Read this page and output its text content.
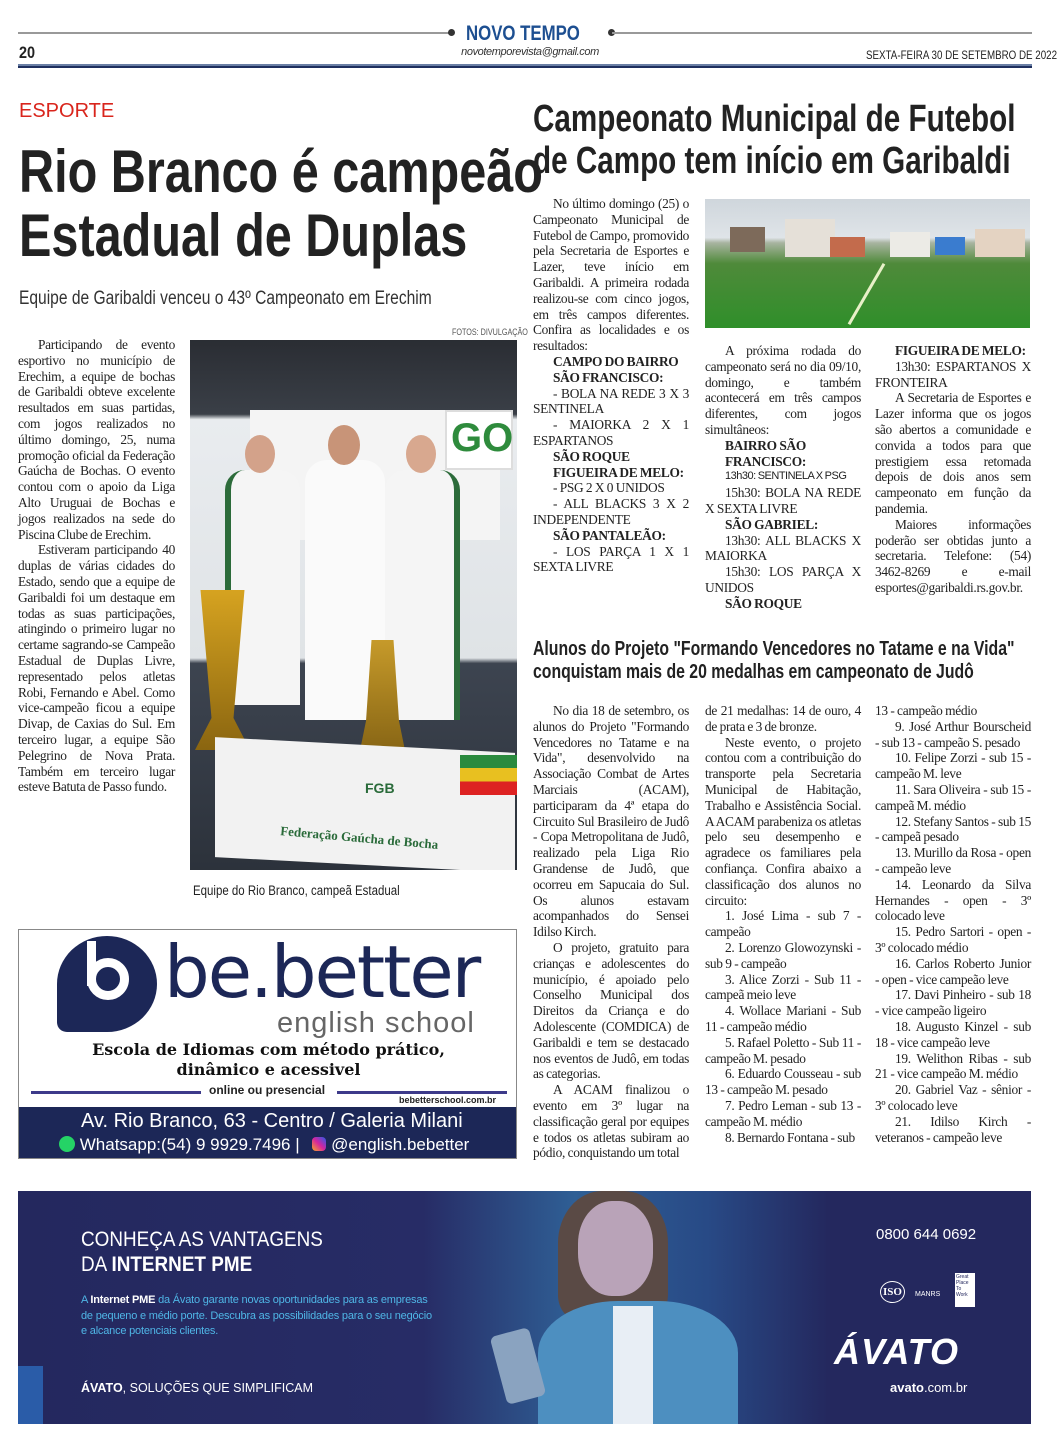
NOVO TEMPO
novotemporevista@gmail.com
20	SEXTA-FEIRA 30 DE SETEMBRO DE 2022
ESPORTE
Rio Branco é campeão
Estadual de Duplas
Equipe de Garibaldi venceu o 43º Campeonato em Erechim

Participando de evento esportivo no município de Erechim, a equipe de bochas de Garibaldi obteve excelente resultados em suas partidas, com jogos realizados no último domingo, 25, numa promoção oficial da Federação Gaúcha de Bochas. O evento contou com o apoio da Liga Alto Uruguai de Bochas e jogos realizados na sede do Piscina Clube de Erechim.

Estiveram participando 40 duplas de várias cidades do Estado, sendo que a equipe de Garibaldi foi um destaque em todas as suas participações, atingindo o primeiro lugar no certame sagrando-se Campeão Estadual de Duplas Livre, representado pelos atletas Robi, Fernando e Abel. Como vice-campeão ficou a equipe Divap, de Caxias do Sul. Em terceiro lugar, a equipe São Pelegrino de Nova Prata. Também em terceiro lugar esteve Batuta de Passo fundo.

FOTOS: DIVULGAÇÃO
GO
FGB
Federação Gaúcha de Bocha
Equipe do Rio Branco, campeã Estadual
Campeonato Municipal de Futebol
de Campo tem início em Garibaldi

No último domingo (25) o Campeonato Municipal de Futebol de Campo, promovido pela Secretaria de Esportes e Lazer, teve início em Garibaldi. A primeira rodada realizou-se com cinco jogos, em três campos diferentes. Confira as localidades e os resultados:

CAMPO DO BAIRRO SÃO FRANCISCO:

- BOLA NA REDE 3 X 3 SENTINELA

- MAIORKA 2 X 1 ESPARTANOS

SÃO ROQUE FIGUEIRA DE MELO:

- PSG 2 X 0 UNIDOS

- ALL BLACKS 3 X 2 INDEPENDENTE

SÃO PANTALEÃO:

- LOS PARÇA 1 X 1 SEXTA LIVRE

A próxima rodada do campeonato será no dia 09/10, domingo, e também acontecerá em três campos diferentes, com jogos simultâneos:

BAIRRO SÃO FRANCISCO:

13h30: SENTINELA X PSG

15h30: BOLA NA REDE X SEXTA LIVRE

SÃO GABRIEL:

13h30: ALL BLACKS X MAIORKA

15h30: LOS PARÇA X UNIDOS

SÃO ROQUE

FIGUEIRA DE MELO:

13h30: ESPARTANOS X FRONTEIRA

A Secretaria de Esportes e Lazer informa que os jogos são abertos a comunidade e convida a todos para que prestigiem essa retomada depois de dois anos sem campeonato em função da pandemia.

Maiores informações poderão ser obtidas junto a secretaria. Telefone: (54) 3462-8269 e e-mail esportes@garibaldi.rs.gov.br.

Alunos do Projeto "Formando Vencedores no Tatame e na Vida"
conquistam mais de 20 medalhas em campeonato de Judô

No dia 18 de setembro, os alunos do Projeto "Formando Vencedores no Tatame e na Vida", desenvolvido na Associação Combat de Artes Marciais (ACAM), participaram da 4ª etapa do Circuito Sul Brasileiro de Judô - Copa Metropolitana de Judô, realizado pela Liga Rio Grandense de Judô, que ocorreu em Sapucaia do Sul. Os alunos estavam acompanhados do Sensei Idilso Kirch.

O projeto, gratuito para crianças e adolescentes do município, é apoiado pelo Conselho Municipal dos Direitos da Criança e do Adolescente (COMDICA) de Garibaldi e tem se destacado nos eventos de Judô, em todas as categorias.

A ACAM finalizou o evento em 3º lugar na classificação geral por equipes e todos os atletas subiram ao pódio, conquistando um total

de 21 medalhas: 14 de ouro, 4 de prata e 3 de bronze.

Neste evento, o projeto contou com a contribuição do transporte pela Secretaria Municipal de Habitação, Trabalho e Assistência Social. A ACAM parabeniza os atletas pelo seu desempenho e agradece os familiares pela confiança. Confira abaixo a classificação dos alunos no circuito:

1. José Lima - sub 7 - campeão

2. Lorenzo Glowozynski - sub 9 - campeão

3. Alice Zorzi - Sub 11 - campeã meio leve

4. Wollace Mariani - Sub 11 - campeão médio

5. Rafael Poletto - Sub 11 - campeão M. pesado

6. Eduardo Cousseau - sub 13 - campeão M. pesado

7. Pedro Leman - sub 13 - campeão M. médio

8. Bernardo Fontana - sub

13 - campeão médio

9. José Arthur Bourscheid - sub 13 - campeão S. pesado

10. Felipe Zorzi - sub 15 - campeão M. leve

11. Sara Oliveira - sub 15 - campeã M. médio

12. Stefany Santos - sub 15 - campeã pesado

13. Murillo da Rosa - open - campeão leve

14. Leonardo da Silva Hernandes - open - 3º colocado leve

15. Pedro Sartori - open - 3º colocado médio

16. Carlos Roberto Junior - open - vice campeão leve

17. Davi Pinheiro - sub 18 - vice campeão ligeiro

18. Augusto Kinzel - sub 18 - vice campeão leve

19. Welithon Ribas - sub 21 - vice campeão M. médio

20. Gabriel Vaz - sênior - 3º colocado leve

21. Idilso Kirch - veteranos - campeão leve

be.better
english school
Escola de Idiomas com método prático,
dinâmico e acessivel
online ou presencial
bebetterschool.com.br
Av. Rio Branco, 63 - Centro / Galeria Milani
Whatsapp:(54) 9 9929.7496 | @english.bebetter
CONHEÇA AS VANTAGENS
DA INTERNET PME
A Internet PME da Ávato garante novas oportunidades para as empresas de pequeno e médio porte. Descubra as possibilidades para o seu negócio e alcance potenciais clientes.
ÁVATO, SOLUÇÕES QUE SIMPLIFICAM
0800 644 0692
ISO	MANRS
Great Place To Work
ÁVATO
avato.com.br
